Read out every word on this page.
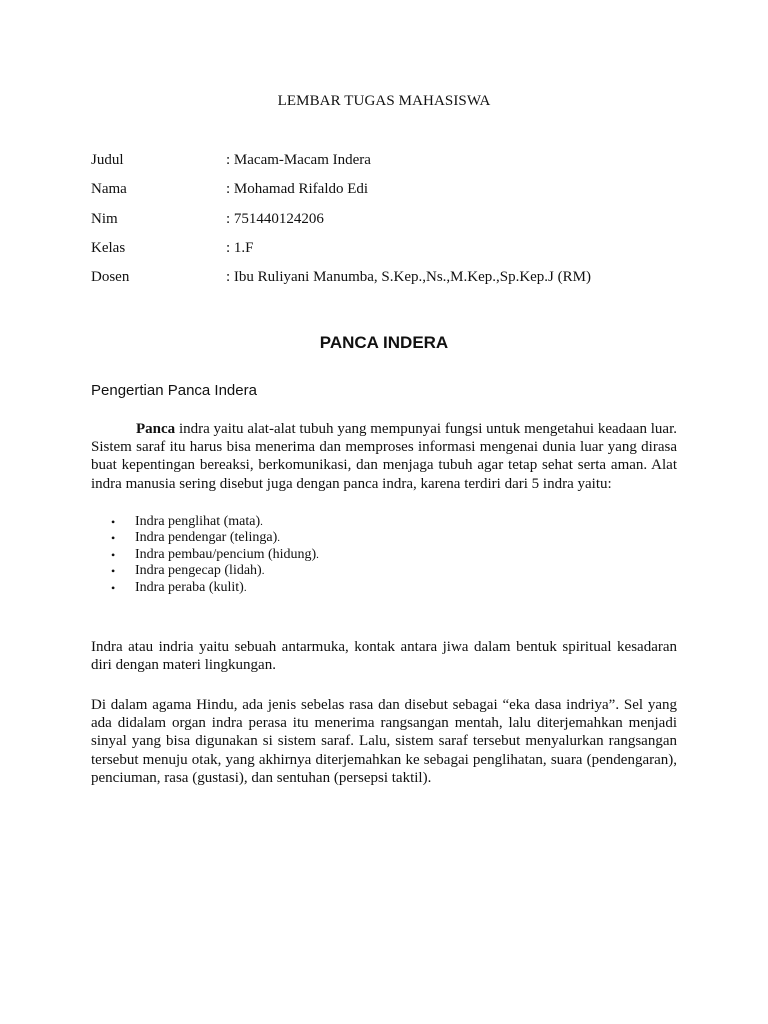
LEMBAR TUGAS MAHASISWA
Judul	: Macam-Macam Indera
Nama	: Mohamad Rifaldo Edi
Nim	: 751440124206
Kelas	: 1.F
Dosen	: Ibu Ruliyani Manumba, S.Kep.,Ns.,M.Kep.,Sp.Kep.J (RM)
PANCA INDERA
Pengertian Panca Indera

Panca indra yaitu alat-alat tubuh yang mempunyai fungsi untuk mengetahui keadaan luar. Sistem saraf itu harus bisa menerima dan memproses informasi mengenai dunia luar yang dirasa buat kepentingan bereaksi, berkomunikasi, dan menjaga tubuh agar tetap sehat serta aman. Alat indra manusia sering disebut juga dengan panca indra, karena terdiri dari 5 indra yaitu:

• Indra penglihat (mata).
• Indra pendengar (telinga).
• Indra pembau/pencium (hidung).
• Indra pengecap (lidah).
• Indra peraba (kulit).

Indra atau indria yaitu sebuah antarmuka, kontak antara jiwa dalam bentuk spiritual kesadaran diri dengan materi lingkungan.

Di dalam agama Hindu, ada jenis sebelas rasa dan disebut sebagai “eka dasa indriya”. Sel yang ada didalam organ indra perasa itu menerima rangsangan mentah, lalu diterjemahkan menjadi sinyal yang bisa digunakan si sistem saraf. Lalu, sistem saraf tersebut menyalurkan rangsangan tersebut menuju otak, yang akhirnya diterjemahkan ke sebagai penglihatan, suara (pendengaran), penciuman, rasa (gustasi), dan sentuhan (persepsi taktil).
